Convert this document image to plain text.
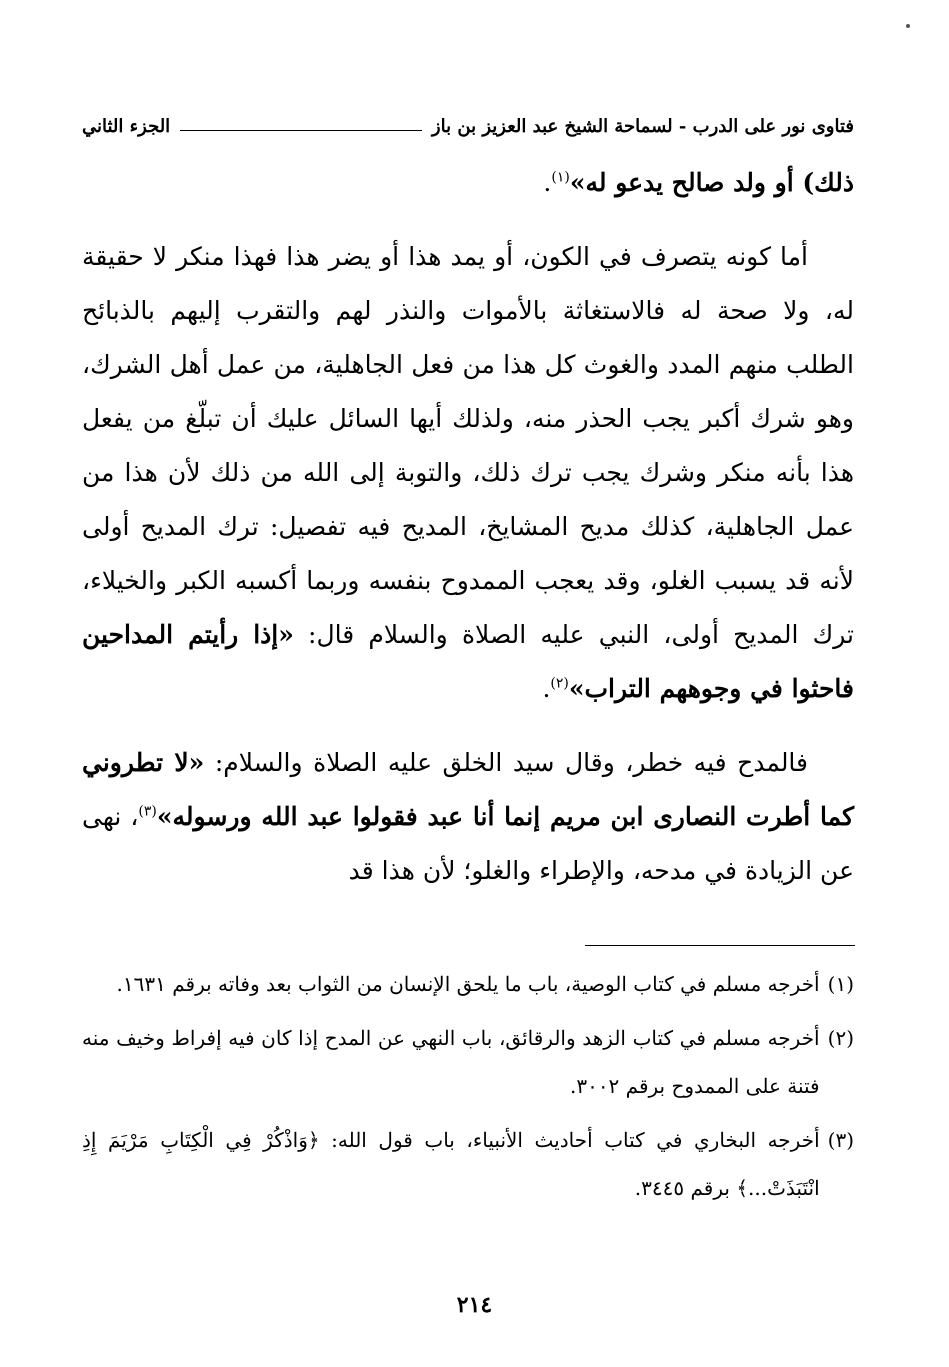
فتاوى نور على الدرب - لسماحة الشيخ عبد العزيز بن باز
الجزء الثاني

ذلك) أو ولد صالح يدعو له»$^{(١)}$.

أما كونه يتصرف في الكون، أو يمد هذا أو يضر هذا فهذا منكر لا حقيقة له، ولا صحة له فالاستغاثة بالأموات والنذر لهم والتقرب إليهم بالذبائح الطلب منهم المدد والغوث كل هذا من فعل الجاهلية، من عمل أهل الشرك، وهو شرك أكبر يجب الحذر منه، ولذلك أيها السائل عليك أن تبلّغ من يفعل هذا بأنه منكر وشرك يجب ترك ذلك، والتوبة إلى الله من ذلك لأن هذا من عمل الجاهلية، كذلك مديح المشايخ، المديح فيه تفصيل: ترك المديح أولى لأنه قد يسبب الغلو، وقد يعجب الممدوح بنفسه وربما أكسبه الكبر والخيلاء، ترك المديح أولى، النبي عليه الصلاة والسلام قال: «إذا رأيتم المداحين فاحثوا في وجوههم التراب»$^{(٢)}$.

فالمدح فيه خطر، وقال سيد الخلق عليه الصلاة والسلام: «لا تطروني كما أطرت النصارى ابن مريم إنما أنا عبد فقولوا عبد الله ورسوله»$^{(٣)}$، نهى عن الزيادة في مدحه، والإطراء والغلو؛ لأن هذا قد

(١)
أخرجه مسلم في كتاب الوصية، باب ما يلحق الإنسان من الثواب بعد وفاته برقم ١٦٣١.
(٢)
أخرجه مسلم في كتاب الزهد والرقائق، باب النهي عن المدح إذا كان فيه إفراط وخيف منه فتنة على الممدوح برقم ٣٠٠٢.
(٣)
أخرجه البخاري في كتاب أحاديث الأنبياء، باب قول الله: ﴿وَاذْكُرْ فِي الْكِتَابِ مَرْيَمَ إِذِ انْتَبَذَتْ...﴾ برقم ٣٤٤٥.
٢١٤
